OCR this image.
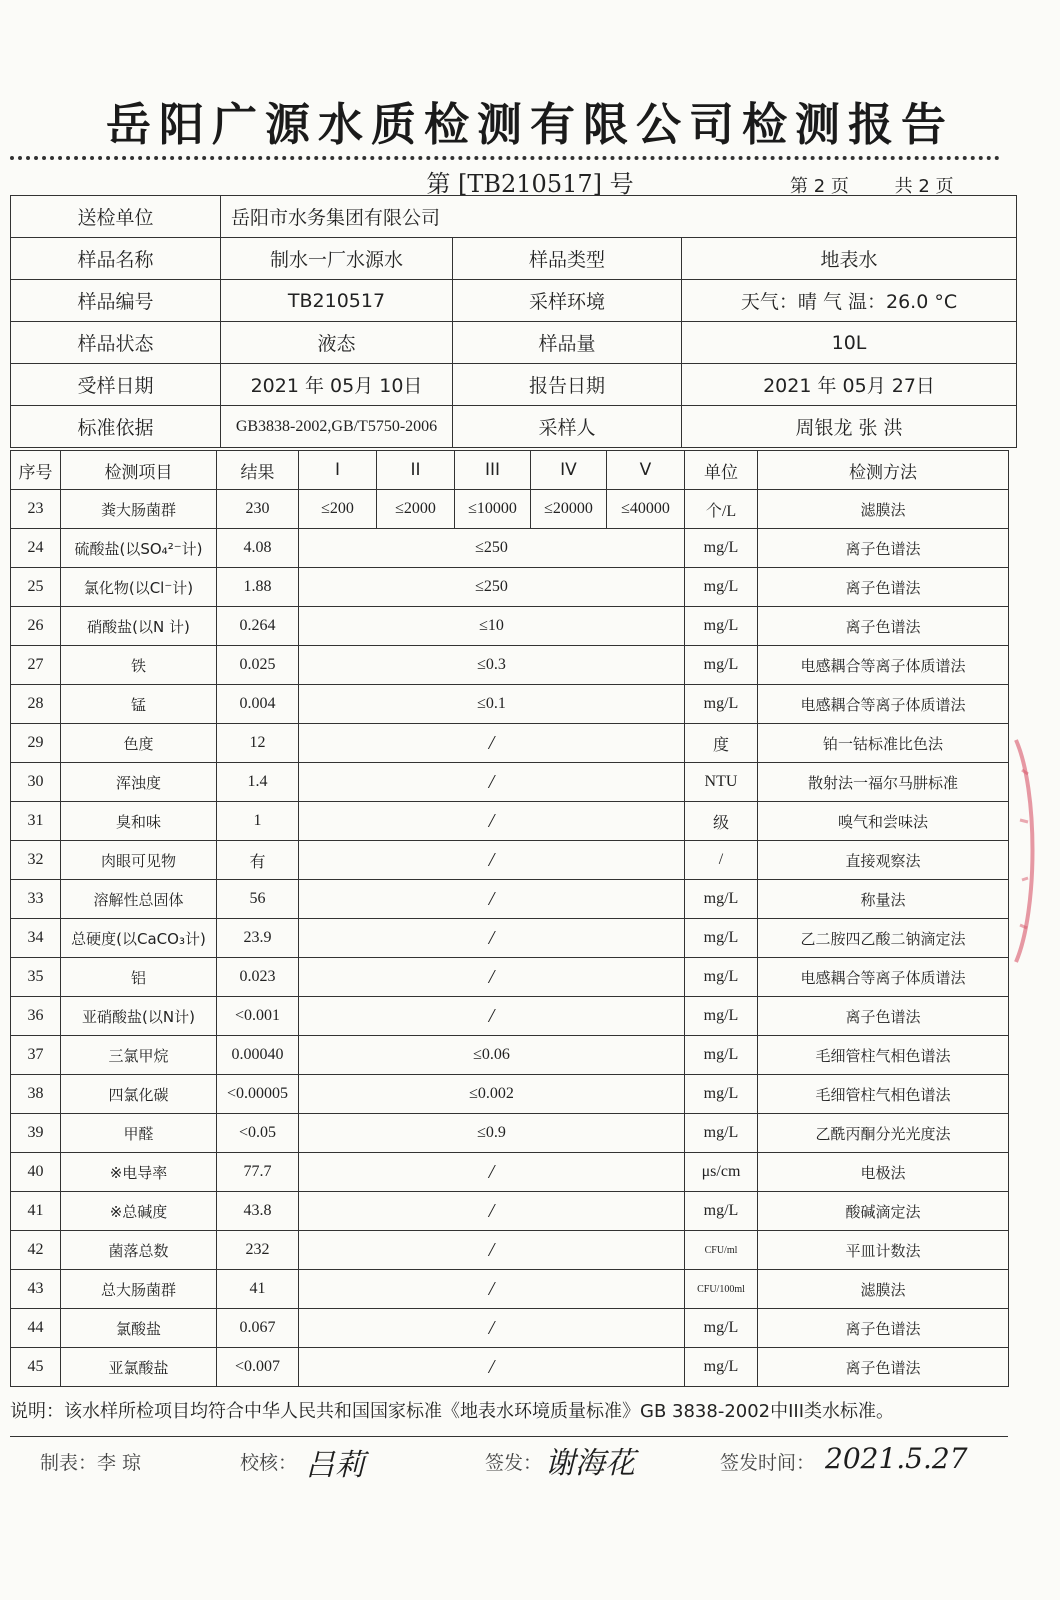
岳阳广源水质检测有限公司检测报告
第 [TB210517] 号	第 2 页	共 2 页
送检单位	岳阳市水务集团有限公司		
样品名称	制水一厂水源水	样品类型	地表水
样品编号	TB210517	采样环境	天气：晴 气 温：26.0 °C
样品状态	液态	样品量	10L
受样日期	2021 年 05月 10日	报告日期	2021 年 05月 27日
标准依据	GB3838-2002,GB/T5750-2006	采样人	周银龙 张 洪
序号	检测项目	结果	I	II	III	IV	V	单位	检测方法
23	粪大肠菌群	230	≤200	≤2000	≤10000	≤20000	≤40000	个/L	滤膜法
24	硫酸盐(以SO₄²⁻计)	4.08	≤250					mg/L	离子色谱法
25	氯化物(以Cl⁻计)	1.88	≤250					mg/L	离子色谱法
26	硝酸盐(以N 计)	0.264	≤10					mg/L	离子色谱法
27	铁	0.025	≤0.3					mg/L	电感耦合等离子体质谱法
28	锰	0.004	≤0.1					mg/L	电感耦合等离子体质谱法
29	色度	12	/					度	铂一钴标准比色法
30	浑浊度	1.4	/					NTU	散射法一福尔马肼标准
31	臭和味	1	/					级	嗅气和尝味法
32	肉眼可见物	有	/					/	直接观察法
33	溶解性总固体	56	/					mg/L	称量法
34	总硬度(以CaCO₃计)	23.9	/					mg/L	乙二胺四乙酸二钠滴定法
35	铝	0.023	/					mg/L	电感耦合等离子体质谱法
36	亚硝酸盐(以N计)	<0.001	/					mg/L	离子色谱法
37	三氯甲烷	0.00040	≤0.06					mg/L	毛细管柱气相色谱法
38	四氯化碳	<0.00005	≤0.002					mg/L	毛细管柱气相色谱法
39	甲醛	<0.05	≤0.9					mg/L	乙酰丙酮分光光度法
40	※电导率	77.7	/					μs/cm	电极法
41	※总碱度	43.8	/					mg/L	酸碱滴定法
42	菌落总数	232	/					CFU/ml	平皿计数法
43	总大肠菌群	41	/					CFU/100ml	滤膜法
44	氯酸盐	0.067	/					mg/L	离子色谱法
45	亚氯酸盐	<0.007	/					mg/L	离子色谱法
说明：该水样所检项目均符合中华人民共和国国家标准《地表水环境质量标准》GB 3838-2002中III类水标准。
制表：李 琼	校核： 吕莉	签发： 谢海花	签发时间： 2021.5.27
